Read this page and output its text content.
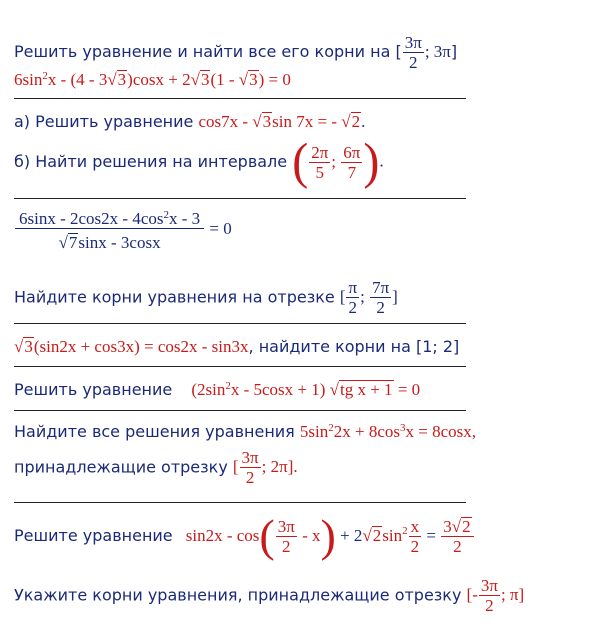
Решить уравнение и найти все его корни на [ $\frac{3\pi}{2}$ ; 3π]
$6\sin^2x - (4 - 3√3)\cos x + 2√3(1 - √3) = 0$
а) Решить уравнение cos7x - √3sin 7x = - √2.
б) Найти решения на интервале ( $\frac{2\pi}{5}$ ; $\frac{6\pi}{7}$ ).
$\frac{6\sin x - 2\cos 2x - 4\cos^2x - 3}{√7\sin x - 3\cos x} = 0$
Найдите корни уравнения на отрезке [ $\frac{\pi}{2}$ ; $\frac{7\pi}{2}$ ]
√3(sin2x + cos3x) = cos2x - sin3x, найдите корни на [1; 2]
Решить уравнение $(2\sin^2x - 5\cos x + 1)$ √tg x + 1 = 0
Найдите все решения уравнения $5\sin^22x + 8\cos^3x = 8\cos x$,
принадлежащие отрезку [ $\frac{3\pi}{2}$ ; 2π].
Решите уравнение $\sin 2x - \cos( \frac{3\pi}{2} - x) + 2√2\sin^2 \frac{x}{2} = \frac{3√2}{2}$
Укажите корни уравнения, принадлежащие отрезку [- $\frac{3\pi}{2}$ ; π]
